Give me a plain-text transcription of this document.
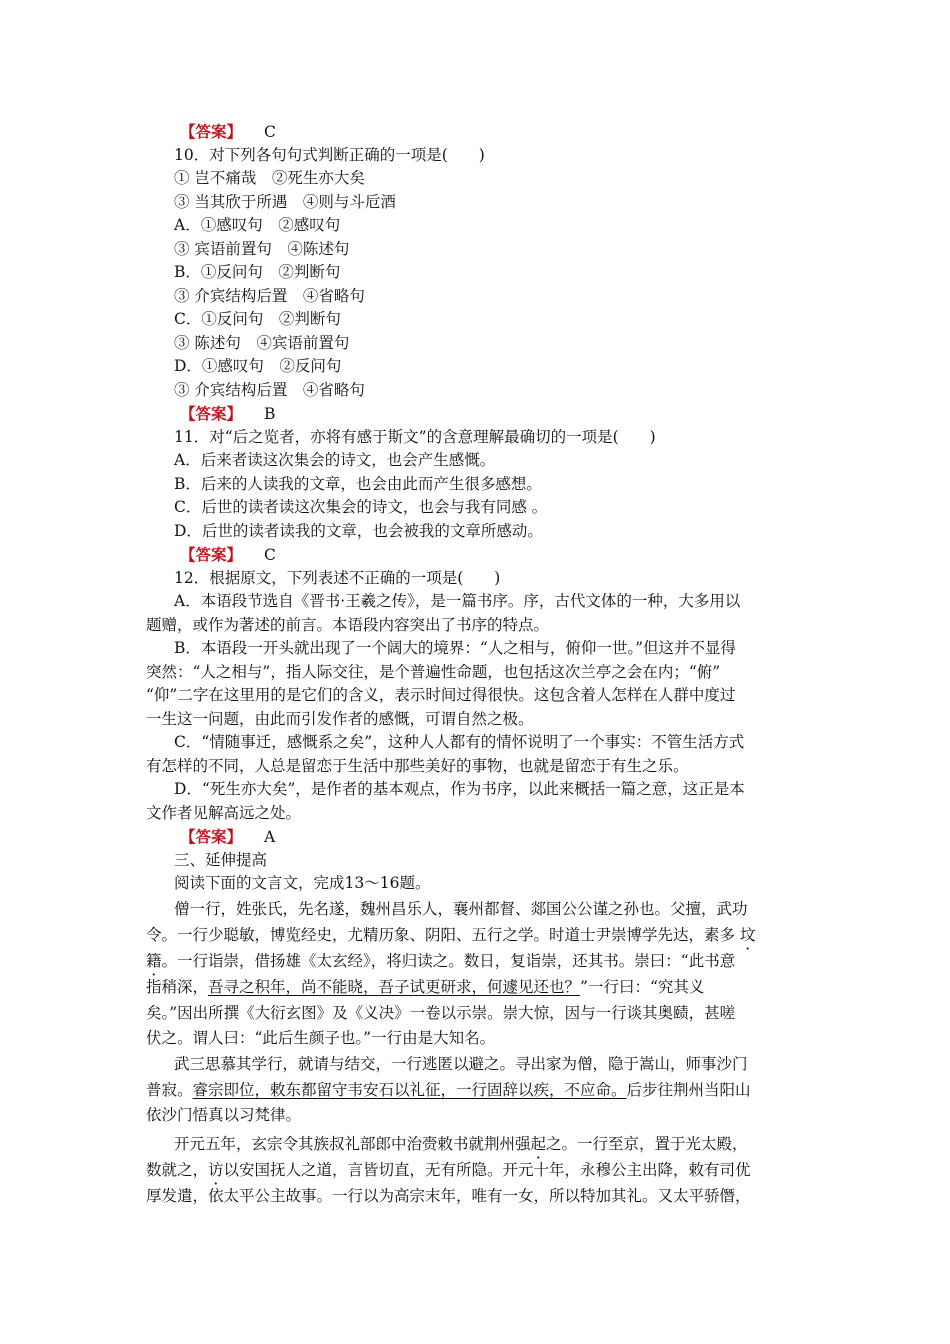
【答案】 C
10．对下列各句句式判断正确的一项是(　　)
① 岂不痛哉　②死生亦大矣
③ 当其欣于所遇　④则与斗卮酒
A．①感叹句　②感叹句
③ 宾语前置句　④陈述句
B．①反问句　②判断句
③ 介宾结构后置　④省略句
C．①反问句　②判断句
③ 陈述句　④宾语前置句
D．①感叹句　②反问句
③ 介宾结构后置　④省略句
【答案】 B
11．对“后之览者，亦将有感于斯文”的含意理解最确切的一项是(　　)
A．后来者读这次集会的诗文，也会产生感慨。
B．后来的人读我的文章，也会由此而产生很多感想。
C．后世的读者读这次集会的诗文，也会与我有同感 。
D．后世的读者读我的文章，也会被我的文章所感动。
【答案】 C
12．根据原文，下列表述不正确的一项是(　　)
A．本语段节选自《晋书·王羲之传》，是一篇书序。序，古代文体的一种，大多用以
题赠，或作为著述的前言。本语段内容突出了书序的特点。
B．本语段一开头就出现了一个阔大的境界：“人之相与，俯仰一世。”但这并不显得
突然：“人之相与”，指人际交往，是个普遍性命题，也包括这次兰亭之会在内；“俯”
“仰”二字在这里用的是它们的含义，表示时间过得很快。这包含着人怎样在人群中度过
一生这一问题，由此而引发作者的感慨，可谓自然之极。
C．“情随事迁，感慨系之矣”，这种人人都有的情怀说明了一个事实：不管生活方式
有怎样的不同，人总是留恋于生活中那些美好的事物，也就是留恋于有生之乐。
D．“死生亦大矣”，是作者的基本观点，作为书序，以此来概括一篇之意，这正是本
文作者见解高远之处。
【答案】 A
三、延伸提高
阅读下面的文言文，完成13～16题。
僧一行，姓张氏，先名遂，魏州昌乐人，襄州都督、郯国公公谨之孙也。父擅，武功
令。一行少聪敏，博览经史，尤精历象、阴阳、五行之学。时道士尹崇博学先达，素多 坟
籍。一行诣崇，借扬雄《太玄经》，将归读之。数日，复诣崇，还其书。崇曰：“此书意
指稍深，吾寻之积年，尚不能晓，吾子试更研求，何遽见还也？”一行曰：“究其义
矣。”因出所撰《大衍玄图》及《义决》一卷以示崇。崇大惊，因与一行谈其奥赜，甚嗟
伏之。谓人曰：“此后生颜子也。”一行由是大知名。
武三思慕其学行，就请与结交，一行逃匿以避之。寻出家为僧，隐于嵩山，师事沙门
普寂。睿宗即位，敕东都留守韦安石以礼征，一行固辞以疾，不应命。后步往荆州当阳山
依沙门悟真以习梵律。
开元五年，玄宗令其族叔礼部郎中治赍敕书就荆州强起之。一行至京，置于光太殿，
数就之，访以安国抚人之道，言皆切直，无有所隐。开元十年，永穆公主出降，敕有司优
厚发遣，依太平公主故事。一行以为高宗末年，唯有一女，所以特加其礼。又太平骄僭，
